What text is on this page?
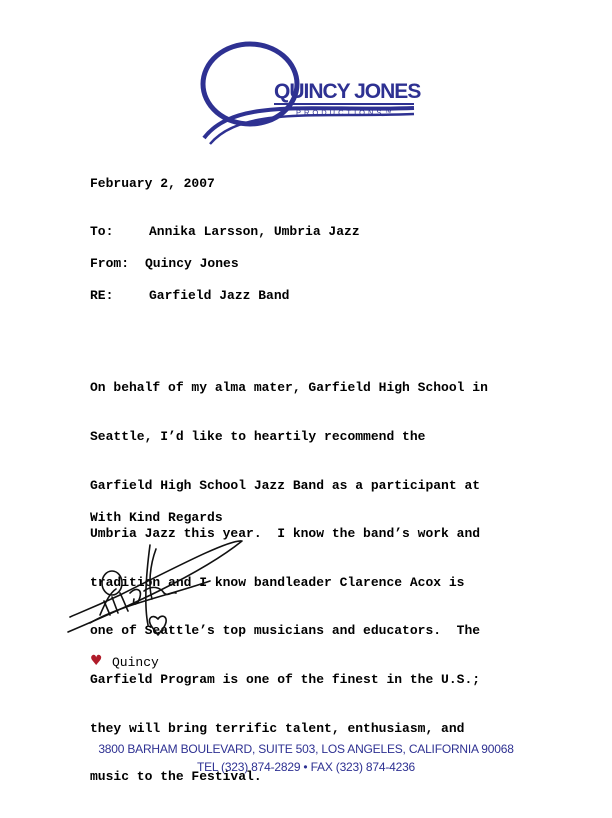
QUINCY JONES
PRODUCTIONS™
February 2, 2007
To:	Annika Larsson, Umbria Jazz
From: Quincy Jones
RE:	Garfield Jazz Band

On behalf of my alma mater, Garfield High School in

Seattle, I’d like to heartily recommend the

Garfield High School Jazz Band as a participant at

Umbria Jazz this year.  I know the band’s work and

tradition and I know bandleader Clarence Acox is

one of Seattle’s top musicians and educators.  The

Garfield Program is one of the finest in the U.S.;

they will bring terrific talent, enthusiasm, and

music to the Festival.

With Kind Regards
♥ Quincy
3800 BARHAM BOULEVARD, SUITE 503, LOS ANGELES, CALIFORNIA 90068
TEL (323) 874-2829 • FAX (323) 874-4236
